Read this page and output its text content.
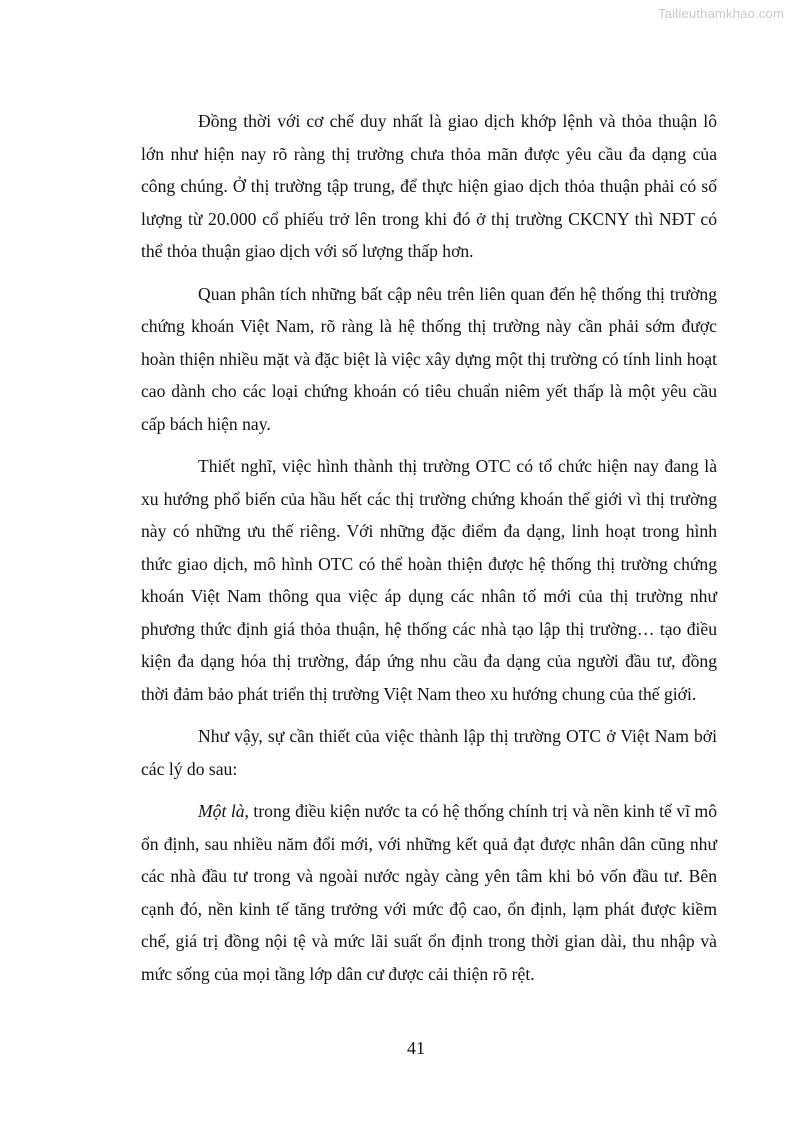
Tailieuthamkhao.com

Đồng thời với cơ chế duy nhất là giao dịch khớp lệnh và thỏa thuận lô lớn như hiện nay rõ ràng thị trường chưa thỏa mãn được yêu cầu đa dạng của công chúng. Ở thị trường tập trung, để thực hiện giao dịch thỏa thuận phải có số lượng từ 20.000 cổ phiếu trở lên trong khi đó ở thị trường CKCNY thì NĐT có thể thỏa thuận giao dịch với số lượng thấp hơn.

Quan phân tích những bất cập nêu trên liên quan đến hệ thống thị trường chứng khoán Việt Nam, rõ ràng là hệ thống thị trường này cần phải sớm được hoàn thiện nhiều mặt và đặc biệt là việc xây dựng một thị trường có tính linh hoạt cao dành cho các loại chứng khoán có tiêu chuẩn niêm yết thấp là một yêu cầu cấp bách hiện nay.

Thiết nghĩ, việc hình thành thị trường OTC có tổ chức hiện nay đang là xu hướng phổ biến của hầu hết các thị trường chứng khoán thế giới vì thị trường này có những ưu thế riêng. Với những đặc điểm đa dạng, linh hoạt trong hình thức giao dịch, mô hình OTC có thể hoàn thiện được hệ thống thị trường chứng khoán Việt Nam thông qua việc áp dụng các nhân tố mới của thị trường như phương thức định giá thỏa thuận, hệ thống các nhà tạo lập thị trường… tạo điều kiện đa dạng hóa thị trường, đáp ứng nhu cầu đa dạng của người đầu tư, đồng thời đảm bảo phát triển thị trường Việt Nam theo xu hướng chung của thế giới.

Như vậy, sự cần thiết của việc thành lập thị trường OTC ở Việt Nam bởi các lý do sau:

Một là, trong điều kiện nước ta có hệ thống chính trị và nền kinh tế vĩ mô ổn định, sau nhiều năm đổi mới, với những kết quả đạt được nhân dân cũng như các nhà đầu tư trong và ngoài nước ngày càng yên tâm khi bỏ vốn đầu tư. Bên cạnh đó, nền kinh tế tăng trưởng với mức độ cao, ổn định, lạm phát được kiềm chế, giá trị đồng nội tệ và mức lãi suất ổn định trong thời gian dài, thu nhập và mức sống của mọi tầng lớp dân cư được cải thiện rõ rệt.

41
